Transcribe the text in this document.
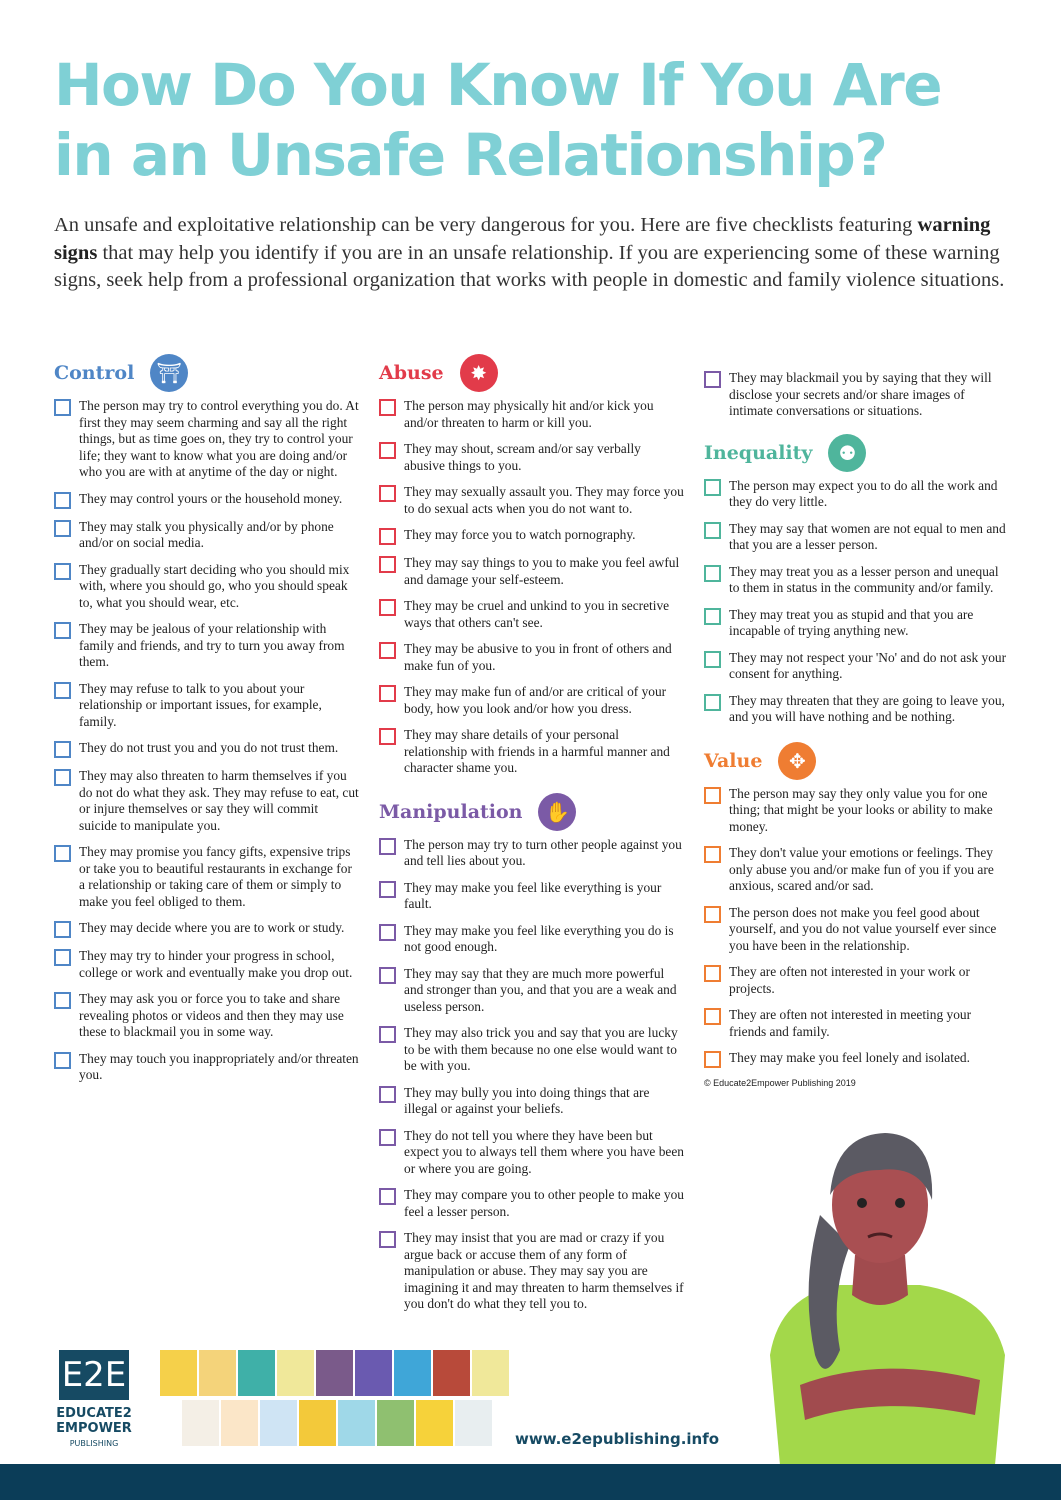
How Do You Know If You Are in an Unsafe Relationship?

An unsafe and exploitative relationship can be very dangerous for you. Here are five checklists featuring warning signs that may help you identify if you are in an unsafe relationship. If you are experiencing some of these warning signs, seek help from a professional organization that works with people in domestic and family violence situations.

Control	⛩
The person may try to control everything you do. At first they may seem charming and say all the right things, but as time goes on, they try to control your life; they want to know what you are doing and/or who you are with at anytime of the day or night.
They may control yours or the household money.
They may stalk you physically and/or by phone and/or on social media.
They gradually start deciding who you should mix with, where you should go, who you should speak to, what you should wear, etc.
They may be jealous of your relationship with family and friends, and try to turn you away from them.
They may refuse to talk to you about your relationship or important issues, for example, family.
They do not trust you and you do not trust them.
They may also threaten to harm themselves if you do not do what they ask. They may refuse to eat, cut or injure themselves or say they will commit suicide to manipulate you.
They may promise you fancy gifts, expensive trips or take you to beautiful restaurants in exchange for a relationship or taking care of them or simply to make you feel obliged to them.
They may decide where you are to work or study.
They may try to hinder your progress in school, college or work and eventually make you drop out.
They may ask you or force you to take and share revealing photos or videos and then they may use these to blackmail you in some way.
They may touch you inappropriately and/or threaten you.
Abuse	✸
The person may physically hit and/or kick you and/or threaten to harm or kill you.
They may shout, scream and/or say verbally abusive things to you.
They may sexually assault you. They may force you to do sexual acts when you do not want to.
They may force you to watch pornography.
They may say things to you to make you feel awful and damage your self-esteem.
They may be cruel and unkind to you in secretive ways that others can't see.
They may be abusive to you in front of others and make fun of you.
They may make fun of and/or are critical of your body, how you look and/or how you dress.
They may share details of your personal relationship with friends in a harmful manner and character shame you.
Manipulation	✋
The person may try to turn other people against you and tell lies about you.
They may make you feel like everything is your fault.
They may make you feel like everything you do is not good enough.
They may say that they are much more powerful and stronger than you, and that you are a weak and useless person.
They may also trick you and say that you are lucky to be with them because no one else would want to be with you.
They may bully you into doing things that are illegal or against your beliefs.
They do not tell you where they have been but expect you to always tell them where you have been or where you are going.
They may compare you to other people to make you feel a lesser person.
They may insist that you are mad or crazy if you argue back or accuse them of any form of manipulation or abuse. They may say you are imagining it and may threaten to harm themselves if you don't do what they tell you to.
They may blackmail you by saying that they will disclose your secrets and/or share images of intimate conversations or situations.
Inequality	⚉
The person may expect you to do all the work and they do very little.
They may say that women are not equal to men and that you are a lesser person.
They may treat you as a lesser person and unequal to them in status in the community and/or family.
They may treat you as stupid and that you are incapable of trying anything new.
They may not respect your 'No' and do not ask your consent for anything.
They may threaten that they are going to leave you, and you will have nothing and be nothing.
Value	✥
The person may say they only value you for one thing; that might be your looks or ability to make money.
They don't value your emotions or feelings. They only abuse you and/or make fun of you if you are anxious, scared and/or sad.
The person does not make you feel good about yourself, and you do not value yourself ever since you have been in the relationship.
They are often not interested in your work or projects.
They are often not interested in meeting your friends and family.
They may make you feel lonely and isolated.
© Educate2Empower Publishing 2019
E2E
EDUCATE2
EMPOWER
PUBLISHING	www.e2epublishing.info
